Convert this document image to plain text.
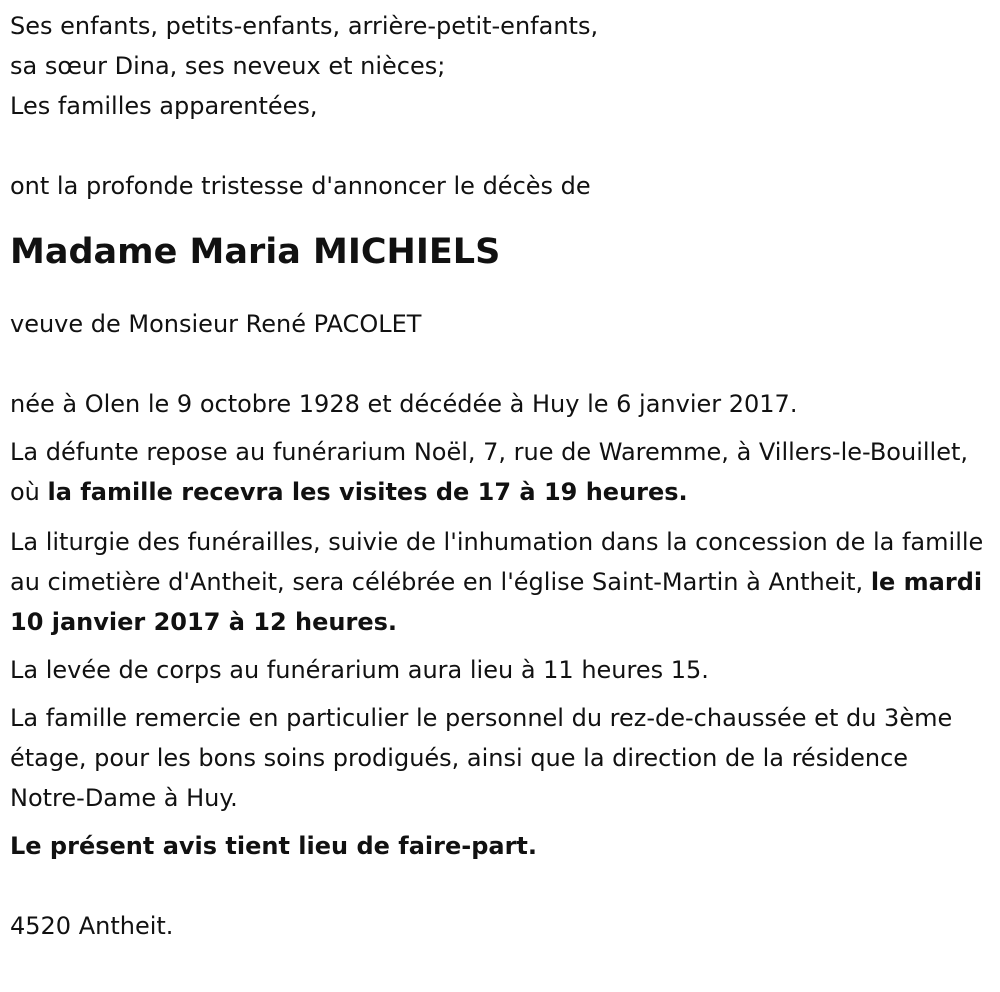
Ses enfants, petits-enfants, arrière-petit-enfants,

sa sœur Dina, ses neveux et nièces;

Les familles apparentées,

ont la profonde tristesse d'annoncer le décès de

Madame Maria MICHIELS

veuve de Monsieur René PACOLET

née à Olen le 9 octobre 1928 et décédée à Huy le 6 janvier 2017.

La défunte repose au funérarium Noël, 7, rue de Waremme, à Villers-le-Bouillet, où la famille recevra les visites de 17 à 19 heures.

La liturgie des funérailles, suivie de l'inhumation dans la concession de la famille au cimetière d'Antheit, sera célébrée en l'église Saint-Martin à Antheit, le mardi 10 janvier 2017 à 12 heures.

La levée de corps au funérarium aura lieu à 11 heures 15.

La famille remercie en particulier le personnel du rez-de-chaussée et du 3ème étage, pour les bons soins prodigués, ainsi que la direction de la résidence Notre-Dame à Huy.

Le présent avis tient lieu de faire-part.

4520 Antheit.
